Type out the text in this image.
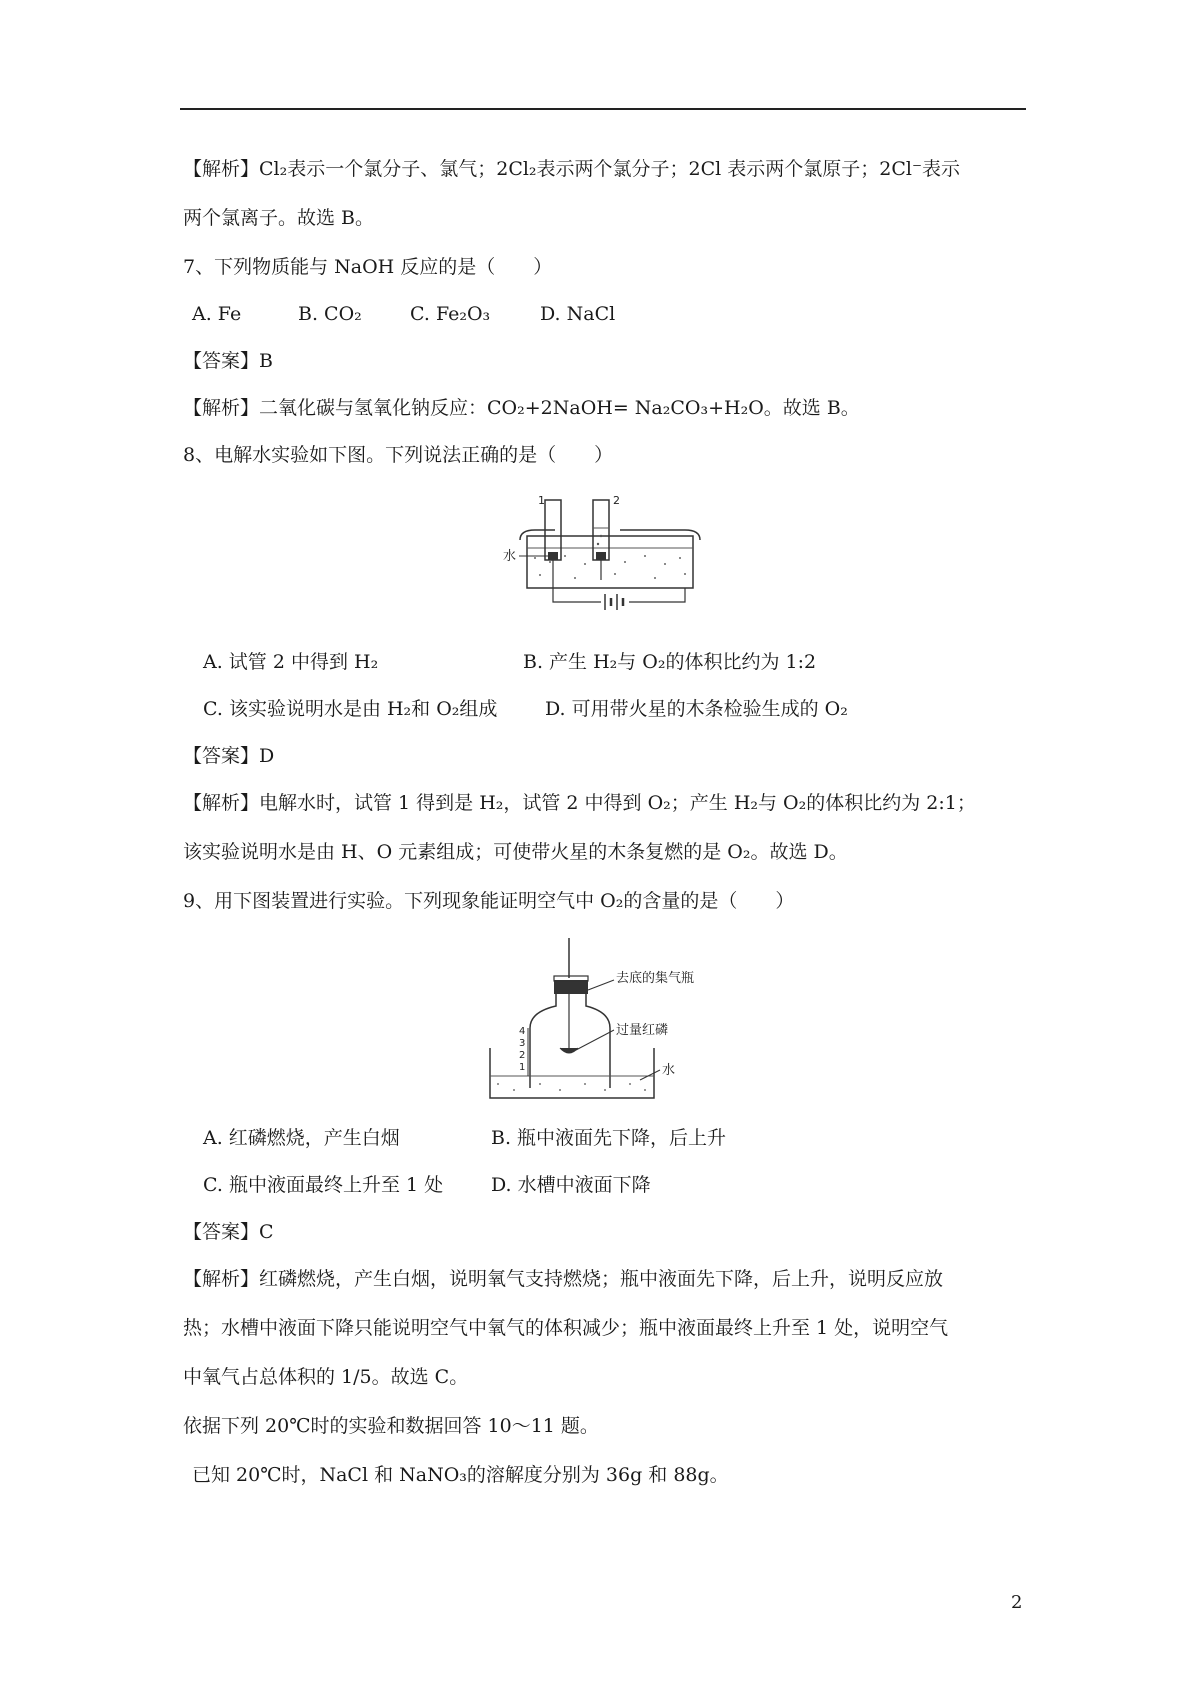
【解析】Cl₂表示一个氯分子、氯气；2Cl₂表示两个氯分子；2Cl 表示两个氯原子；2Cl⁻表示
两个氯离子。故选 B。
7、下列物质能与 NaOH 反应的是（　　）
A. Fe	B. CO₂	C. Fe₂O₃	D. NaCl
【答案】B
【解析】二氧化碳与氢氧化钠反应：CO₂+2NaOH= Na₂CO₃+H₂O。故选 B。
8、电解水实验如下图。下列说法正确的是（　　）
1	2
水
A. 试管 2 中得到 H₂	B. 产生 H₂与 O₂的体积比约为 1:2
C. 该实验说明水是由 H₂和 O₂组成	D. 可用带火星的木条检验生成的 O₂
【答案】D
【解析】电解水时，试管 1 得到是 H₂，试管 2 中得到 O₂；产生 H₂与 O₂的体积比约为 2:1；
该实验说明水是由 H、O 元素组成；可使带火星的木条复燃的是 O₂。故选 D。
9、用下图装置进行实验。下列现象能证明空气中 O₂的含量的是（　　）
4
3
2
1
去底的集气瓶
过量红磷
水
A. 红磷燃烧，产生白烟	B. 瓶中液面先下降，后上升
C. 瓶中液面最终上升至 1 处	D. 水槽中液面下降
【答案】C
【解析】红磷燃烧，产生白烟，说明氧气支持燃烧；瓶中液面先下降，后上升，说明反应放
热；水槽中液面下降只能说明空气中氧气的体积减少；瓶中液面最终上升至 1 处，说明空气
中氧气占总体积的 1/5。故选 C。
依据下列 20℃时的实验和数据回答 10～11 题。
已知 20℃时，NaCl 和 NaNO₃的溶解度分别为 36g 和 88g。
2
